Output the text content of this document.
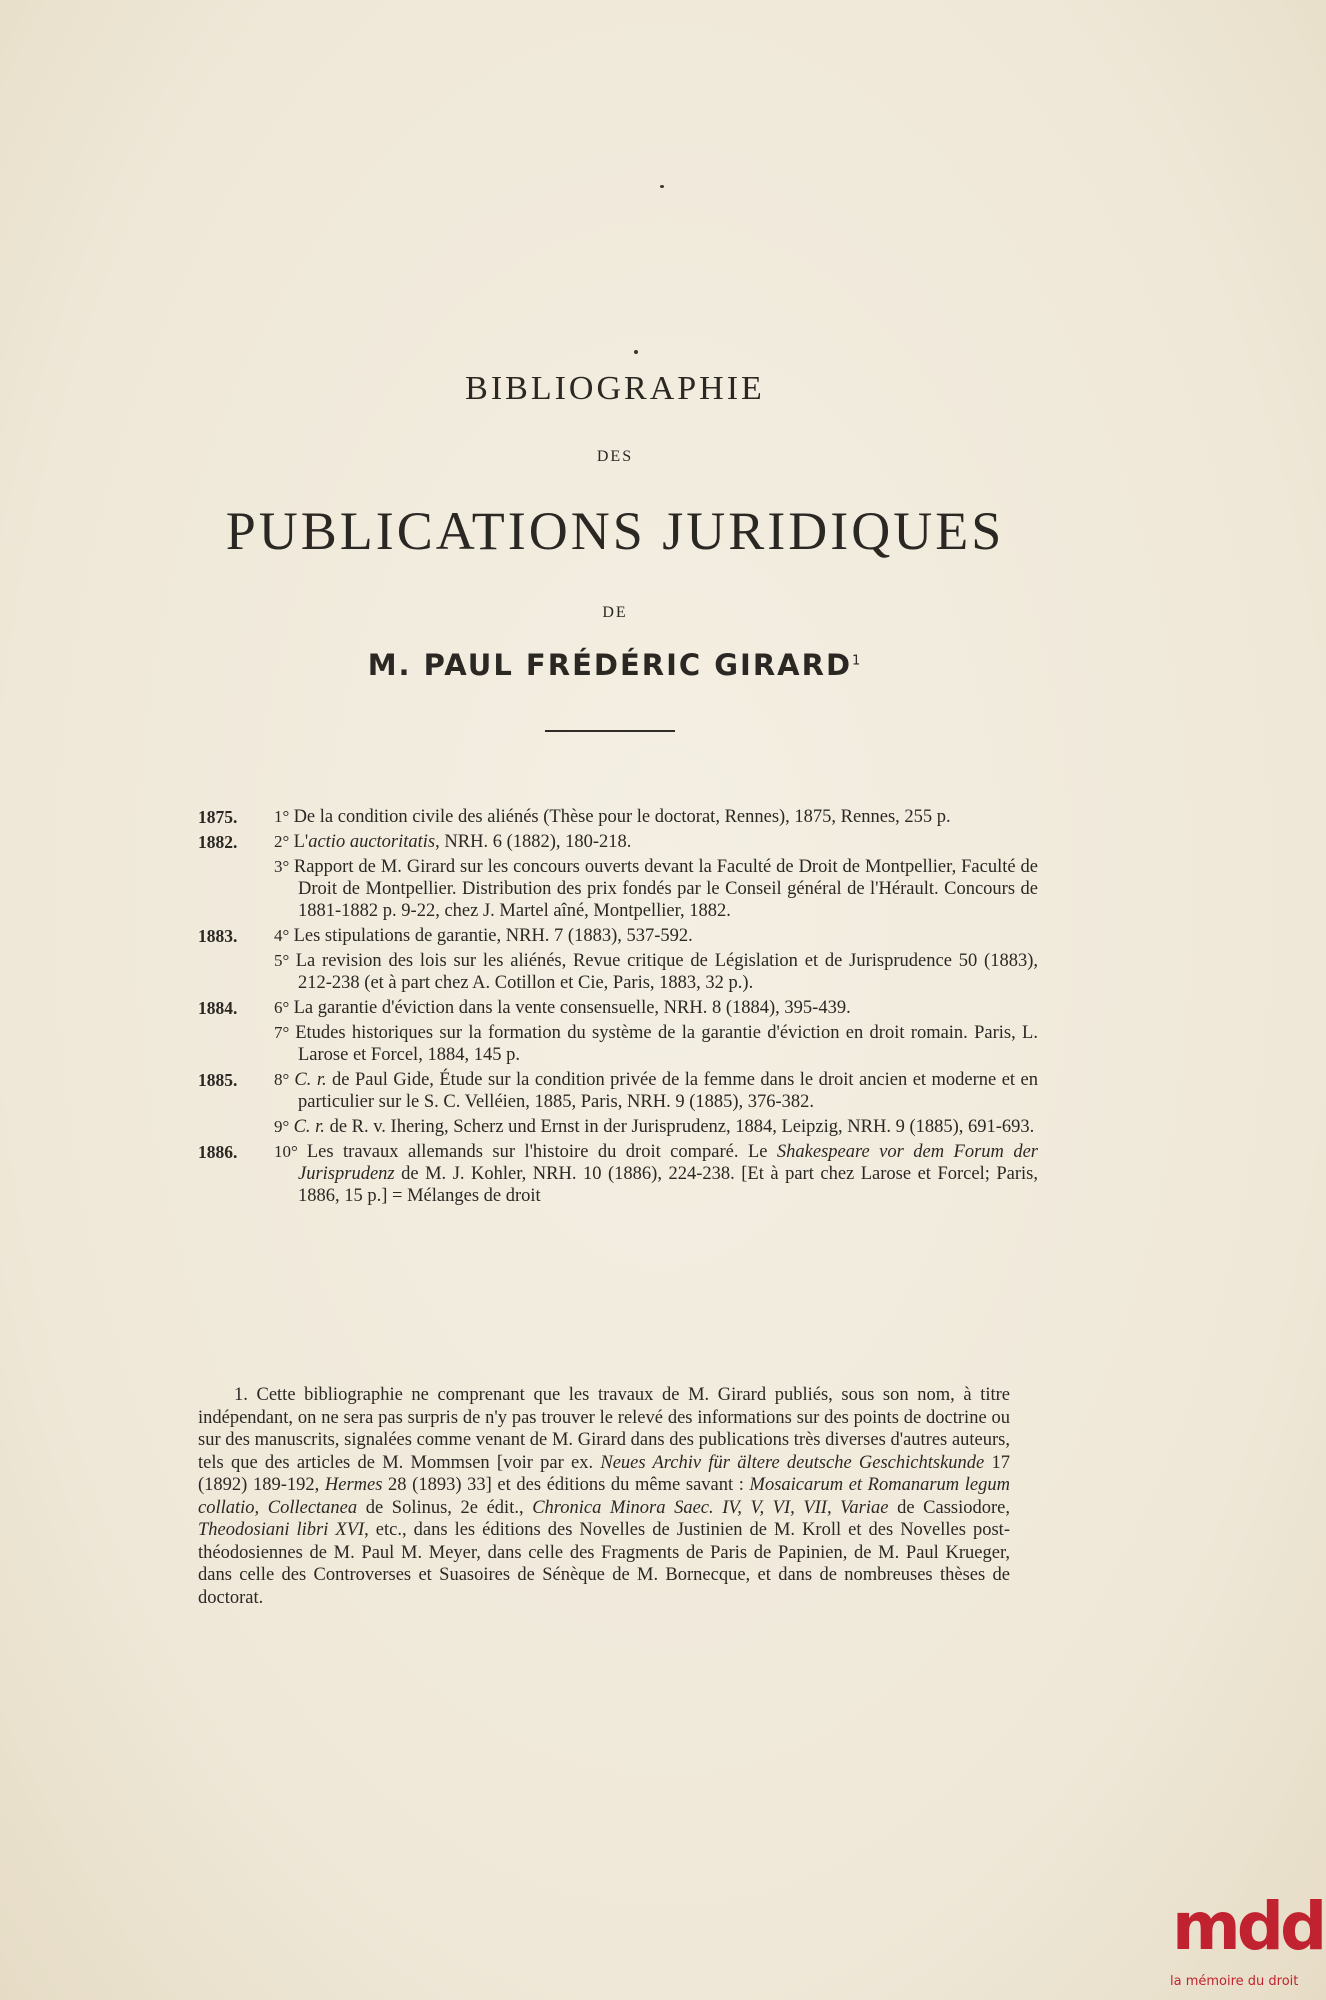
BIBLIOGRAPHIE
DES
PUBLICATIONS JURIDIQUES
DE
M. PAUL FRÉDÉRIC GIRARD$^1$
1875.	1° De la condition civile des aliénés (Thèse pour le doctorat, Rennes), 1875, Rennes, 255 p.
1882.	2° L'actio auctoritatis, NRH. 6 (1882), 180-218.
3° Rapport de M. Girard sur les concours ouverts devant la Faculté de Droit de Montpellier, Faculté de Droit de Montpellier. Distribution des prix fondés par le Conseil général de l'Hérault. Concours de 1881-1882 p. 9-22, chez J. Martel aîné, Montpellier, 1882.
1883.	4° Les stipulations de garantie, NRH. 7 (1883), 537-592.
5° La revision des lois sur les aliénés, Revue critique de Législation et de Jurisprudence 50 (1883), 212-238 (et à part chez A. Cotillon et Cie, Paris, 1883, 32 p.).
1884.	6° La garantie d'éviction dans la vente consensuelle, NRH. 8 (1884), 395-439.
7° Etudes historiques sur la formation du système de la garantie d'éviction en droit romain. Paris, L. Larose et Forcel, 1884, 145 p.
1885.	8° C. r. de Paul Gide, Étude sur la condition privée de la femme dans le droit ancien et moderne et en particulier sur le S. C. Velléien, 1885, Paris, NRH. 9 (1885), 376-382.
9° C. r. de R. v. Ihering, Scherz und Ernst in der Jurisprudenz, 1884, Leipzig, NRH. 9 (1885), 691-693.
1886.	10° Les travaux allemands sur l'histoire du droit comparé. Le Shakespeare vor dem Forum der Jurisprudenz de M. J. Kohler, NRH. 10 (1886), 224-238. [Et à part chez Larose et Forcel; Paris, 1886, 15 p.] = Mélanges de droit
1. Cette bibliographie ne comprenant que les travaux de M. Girard publiés, sous son nom, à titre indépendant, on ne sera pas surpris de n'y pas trouver le relevé des informations sur des points de doctrine ou sur des manuscrits, signalées comme venant de M. Girard dans des publications très diverses d'autres auteurs, tels que des articles de M. Mommsen [voir par ex. Neues Archiv für ältere deutsche Geschichtskunde 17 (1892) 189-192, Hermes 28 (1893) 33] et des éditions du même savant : Mosaicarum et Romanarum legum collatio, Collectanea de Solinus, 2e édit., Chronica Minora Saec. IV, V, VI, VII, Variae de Cassiodore, Theodosiani libri XVI, etc., dans les éditions des Novelles de Justinien de M. Kroll et des Novelles post-théodosiennes de M. Paul M. Meyer, dans celle des Fragments de Paris de Papinien, de M. Paul Krueger, dans celle des Controverses et Suasoires de Sénèque de M. Bornecque, et dans de nombreuses thèses de doctorat.
mdd
la mémoire du droit
